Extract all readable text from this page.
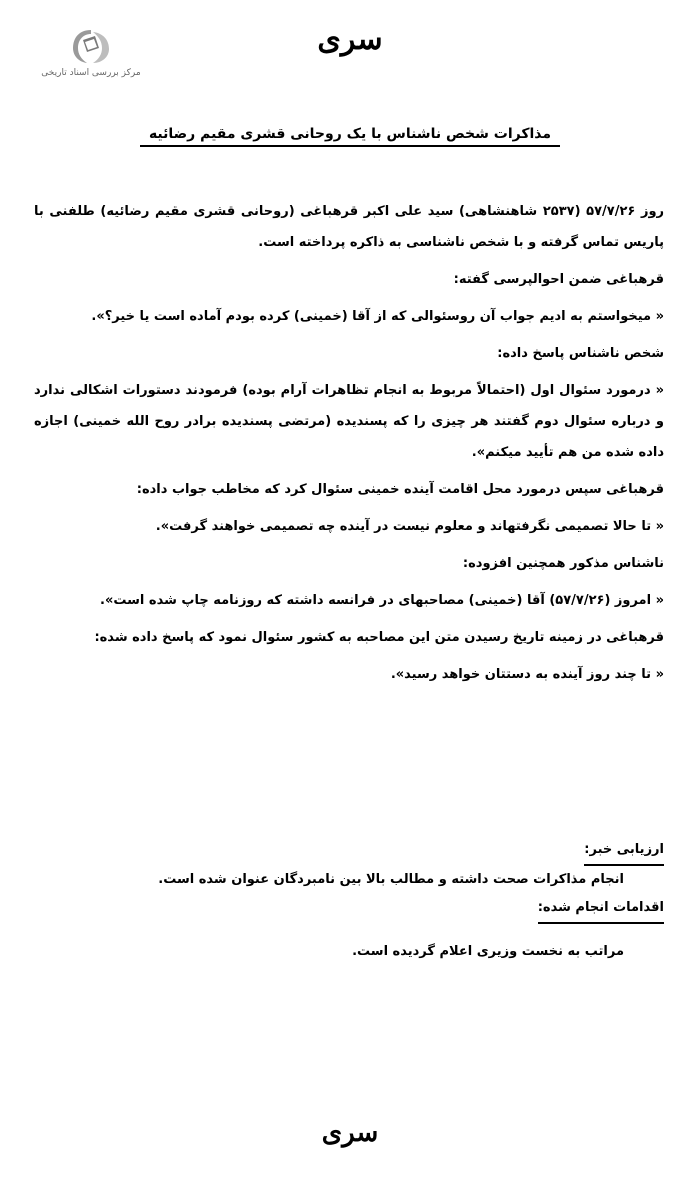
مرکز بررسی اسناد تاریخی
سری
مذاکرات شخص ناشناس با یک روحانی قشری مقیم رضائیه

روز ۵۷/۷/۲۶ (۲۵۳۷ شاهنشاهی) سید علی اکبر قرهباغی (روحانی قشری مقیم رضائیه) طلفنی با پاریس تماس گرفته و با شخص ناشناسی به ذاکره پرداخته است.

قرهباغی ضمن احوالپرسی گفته:

« میخواستم به ادیم جواب آن روسئوالی که از آقا (خمینی) کرده بودم آماده است یا خیر؟».

شخص ناشناس پاسخ داده:

« درمورد سئوال اول (احتمالاً مربوط به انجام تظاهرات آرام بوده) فرمودند دستورات اشکالی ندارد و درباره سئوال دوم گفتند هر چیزی را که پسندیده (مرتضی پسندیده برادر روح الله خمینی) اجازه داده شده من هم تأیید میکنم».

قرهباغی سپس درمورد محل اقامت آینده خمینی سئوال کرد که مخاطب جواب داده:

« تا حالا تصمیمی نگرفتهاند و معلوم نیست در آینده چه تصمیمی خواهند گرفت».

ناشناس مذکور همچنین افزوده:

« امروز (۵۷/۷/۲۶) آقا (خمینی) مصاحبهای در فرانسه داشته که روزنامه چاپ شده است».

قرهباغی در زمینه تاریخ رسیدن متن این مصاحبه به کشور سئوال نمود که پاسخ داده شده:

« تا چند روز آینده به دستتان خواهد رسید».

ارزیابی خبر:

انجام مذاکرات صحت داشته و مطالب بالا بین نامبردگان عنوان شده است.

اقدامات انجام شده:

مراتب به نخست وزیری اعلام گردیده است.

سری
